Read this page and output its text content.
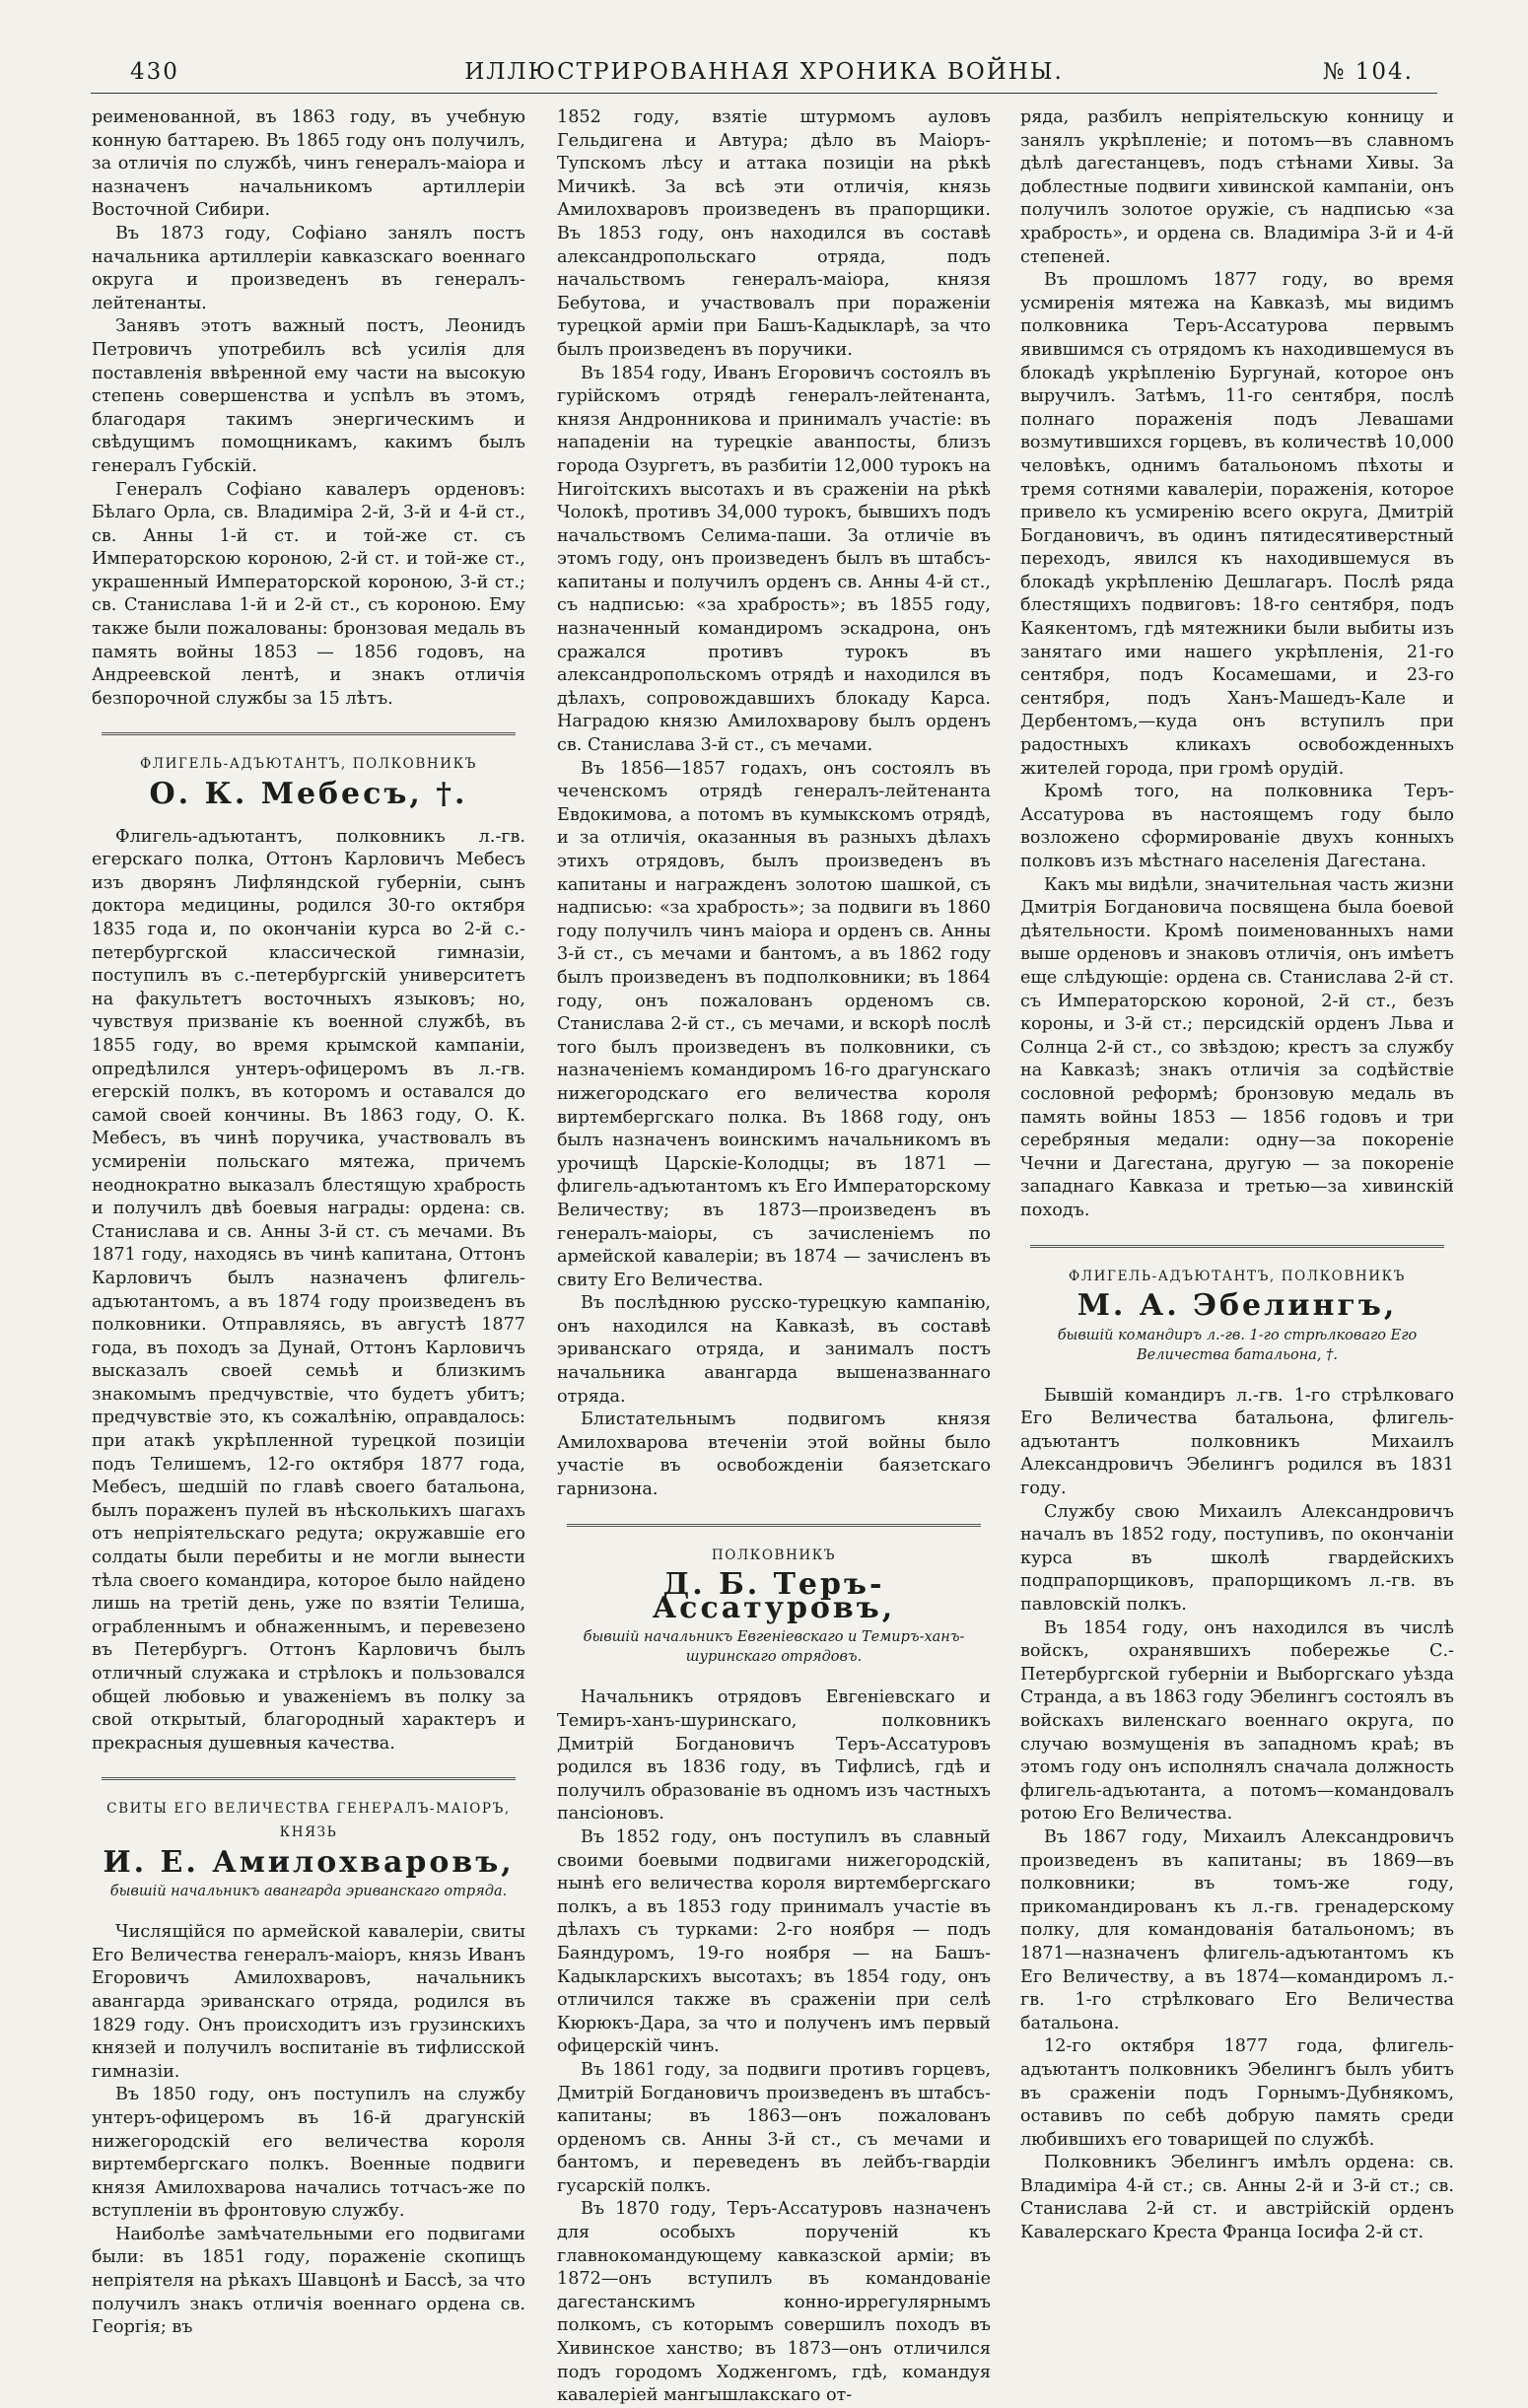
430	ИЛЛЮСТРИРОВАННАЯ ХРОНИКА ВОЙНЫ.	№ 104.

реименованной, въ 1863 году, въ учебную конную баттарею. Въ 1865 году онъ получилъ, за отличія по службѣ, чинъ генералъ-маіора и назначенъ начальникомъ артиллеріи Восточной Сибири.

Въ 1873 году, Софіано занялъ постъ начальника артиллеріи кавказскаго военнаго округа и произведенъ въ генералъ-лейтенанты.

Занявъ этотъ важный постъ, Леонидъ Петровичъ употребилъ всѣ усилія для поставленія ввѣренной ему части на высокую степень совершенства и успѣлъ въ этомъ, благодаря такимъ энергическимъ и свѣдущимъ помощникамъ, какимъ былъ генералъ Губскій.

Генералъ Софіано кавалеръ орденовъ: Бѣлаго Орла, св. Владиміра 2-й, 3-й и 4-й ст., св. Анны 1-й ст. и той-же ст. съ Императорскою короною, 2-й ст. и той-же ст., украшенный Императорской короною, 3-й ст.; св. Станислава 1-й и 2-й ст., съ короною. Ему также были пожалованы: бронзовая медаль въ память войны 1853 — 1856 годовъ, на Андреевской лентѣ, и знакъ отличія безпорочной службы за 15 лѣтъ.

ФЛИГЕЛЬ-АДЪЮТАНТЪ, ПОЛКОВНИКЪ
О. К. Мебесъ, †.

Флигель-адъютантъ, полковникъ л.-гв. егерскаго полка, Оттонъ Карловичъ Мебесъ изъ дворянъ Лифляндской губерніи, сынъ доктора медицины, родился 30-го октября 1835 года и, по окончаніи курса во 2-й с.-петербургской классической гимназіи, поступилъ въ с.-петербургскій университетъ на факультетъ восточныхъ языковъ; но, чувствуя призваніе къ военной службѣ, въ 1855 году, во время крымской кампаніи, опредѣлился унтеръ-офицеромъ въ л.-гв. егерскій полкъ, въ которомъ и оставался до самой своей кончины. Въ 1863 году, О. К. Мебесъ, въ чинѣ поручика, участвовалъ въ усмиреніи польскаго мятежа, причемъ неоднократно выказалъ блестящую храбрость и получилъ двѣ боевыя награды: ордена: св. Станислава и св. Анны 3-й ст. съ мечами. Въ 1871 году, находясь въ чинѣ капитана, Оттонъ Карловичъ былъ назначенъ флигель-адъютантомъ, а въ 1874 году произведенъ въ полковники. Отправляясь, въ августѣ 1877 года, въ походъ за Дунай, Оттонъ Карловичъ высказалъ своей семьѣ и близкимъ знакомымъ предчувствіе, что будетъ убитъ; предчувствіе это, къ сожалѣнію, оправдалось: при атакѣ укрѣпленной турецкой позиціи подъ Телишемъ, 12-го октября 1877 года, Мебесъ, шедшій по главѣ своего батальона, былъ пораженъ пулей въ нѣсколькихъ шагахъ отъ непріятельскаго редута; окружавшіе его солдаты были перебиты и не могли вынести тѣла своего командира, которое было найдено лишь на третій день, уже по взятіи Телиша, ограбленнымъ и обнаженнымъ, и перевезено въ Петербургъ. Оттонъ Карловичъ былъ отличный служака и стрѣлокъ и пользовался общей любовью и уваженіемъ въ полку за свой открытый, благородный характеръ и прекрасныя душевныя качества.

СВИТЫ ЕГО ВЕЛИЧЕСТВА ГЕНЕРАЛЪ-МАІОРЪ, КНЯЗЬ
И. Е. Амилохваровъ,
бывшій начальникъ авангарда эриванскаго отряда.

Числящійся по армейской кавалеріи, свиты Его Величества генералъ-маіоръ, князь Иванъ Егоровичъ Амилохваровъ, начальникъ авангарда эриванскаго отряда, родился въ 1829 году. Онъ происходитъ изъ грузинскихъ князей и получилъ воспитаніе въ тифлисской гимназіи.

Въ 1850 году, онъ поступилъ на службу унтеръ-офицеромъ въ 16-й драгунскій нижегородскій его величества короля виртембергскаго полкъ. Военные подвиги князя Амилохварова начались тотчасъ-же по вступленіи въ фронтовую службу.

Наиболѣе замѣчательными его подвигами были: въ 1851 году, пораженіе скопищъ непріятеля на рѣкахъ Шавцонѣ и Бассѣ, за что получилъ знакъ отличія военнаго ордена св. Георгія; въ

1852 году, взятіе штурмомъ ауловъ Гельдигена и Автура; дѣло въ Маіоръ-Тупскомъ лѣсу и аттака позиціи на рѣкѣ Мичикѣ. За всѣ эти отличія, князь Амилохваровъ произведенъ въ прапорщики. Въ 1853 году, онъ находился въ составѣ александропольскаго отряда, подъ начальствомъ генералъ-маіора, князя Бебутова, и участвовалъ при пораженіи турецкой арміи при Башъ-Кадыкларѣ, за что былъ произведенъ въ поручики.

Въ 1854 году, Иванъ Егоровичъ состоялъ въ гурійскомъ отрядѣ генералъ-лейтенанта, князя Андронникова и принималъ участіе: въ нападеніи на турецкіе аванпосты, близъ города Озургетъ, въ разбитіи 12,000 турокъ на Нигоітскихъ высотахъ и въ сраженіи на рѣкѣ Чолокѣ, противъ 34,000 турокъ, бывшихъ подъ начальствомъ Селима-паши. За отличіе въ этомъ году, онъ произведенъ былъ въ штабсъ-капитаны и получилъ орденъ св. Анны 4-й ст., съ надписью: «за храбрость»; въ 1855 году, назначенный командиромъ эскадрона, онъ сражался противъ турокъ въ александропольскомъ отрядѣ и находился въ дѣлахъ, сопровождавшихъ блокаду Карса. Наградою князю Амилохварову былъ орденъ св. Станислава 3-й ст., съ мечами.

Въ 1856—1857 годахъ, онъ состоялъ въ чеченскомъ отрядѣ генералъ-лейтенанта Евдокимова, а потомъ въ кумыкскомъ отрядѣ, и за отличія, оказанныя въ разныхъ дѣлахъ этихъ отрядовъ, былъ произведенъ въ капитаны и награжденъ золотою шашкой, съ надписью: «за храбрость»; за подвиги въ 1860 году получилъ чинъ маіора и орденъ св. Анны 3-й ст., съ мечами и бантомъ, а въ 1862 году былъ произведенъ въ подполковники; въ 1864 году, онъ пожалованъ орденомъ св. Станислава 2-й ст., съ мечами, и вскорѣ послѣ того былъ произведенъ въ полковники, съ назначеніемъ командиромъ 16-го драгунскаго нижегородскаго его величества короля виртембергскаго полка. Въ 1868 году, онъ былъ назначенъ воинскимъ начальникомъ въ урочищѣ Царскіе-Колодцы; въ 1871 — флигель-адъютантомъ къ Его Императорскому Величеству; въ 1873—произведенъ въ генералъ-маіоры, съ зачисленіемъ по армейской кавалеріи; въ 1874 — зачисленъ въ свиту Его Величества.

Въ послѣднюю русско-турецкую кампанію, онъ находился на Кавказѣ, въ составѣ эриванскаго отряда, и занималъ постъ начальника авангарда вышеназваннаго отряда.

Блистательнымъ подвигомъ князя Амилохварова втеченіи этой войны было участіе въ освобожденіи баязетскаго гарнизона.

ПОЛКОВНИКЪ
Д. Б. Теръ-Ассатуровъ,
бывшій начальникъ Евгеніевскаго и Темиръ-ханъ-шуринскаго отрядовъ.

Начальникъ отрядовъ Евгеніевскаго и Темиръ-ханъ-шуринскаго, полковникъ Дмитрій Богдановичъ Теръ-Ассатуровъ родился въ 1836 году, въ Тифлисѣ, гдѣ и получилъ образованіе въ одномъ изъ частныхъ пансіоновъ.

Въ 1852 году, онъ поступилъ въ славный своими боевыми подвигами нижегородскій, нынѣ его величества короля виртембергскаго полкъ, а въ 1853 году принималъ участіе въ дѣлахъ съ турками: 2-го ноября — подъ Баяндуромъ, 19-го ноября — на Башъ-Кадыкларскихъ высотахъ; въ 1854 году, онъ отличился также въ сраженіи при селѣ Кюрюкъ-Дара, за что и полученъ имъ первый офицерскій чинъ.

Въ 1861 году, за подвиги противъ горцевъ, Дмитрій Богдановичъ произведенъ въ штабсъ-капитаны; въ 1863—онъ пожалованъ орденомъ св. Анны 3-й ст., съ мечами и бантомъ, и переведенъ въ лейбъ-гвардіи гусарскій полкъ.

Въ 1870 году, Теръ-Ассатуровъ назначенъ для особыхъ порученій къ главнокомандующему кавказской арміи; въ 1872—онъ вступилъ въ командованіе дагестанскимъ конно-иррегулярнымъ полкомъ, съ которымъ совершилъ походъ въ Хивинское ханство; въ 1873—онъ отличился подъ городомъ Ходженгомъ, гдѣ, командуя кавалеріей мангышлакскаго от-

ряда, разбилъ непріятельскую конницу и занялъ укрѣпленіе; и потомъ—въ славномъ дѣлѣ дагестанцевъ, подъ стѣнами Хивы. За доблестные подвиги хивинской кампаніи, онъ получилъ золотое оружіе, съ надписью «за храбрость», и ордена св. Владиміра 3-й и 4-й степеней.

Въ прошломъ 1877 году, во время усмиренія мятежа на Кавказѣ, мы видимъ полковника Теръ-Ассатурова первымъ явившимся съ отрядомъ къ находившемуся въ блокадѣ укрѣпленію Бургунай, которое онъ выручилъ. Затѣмъ, 11-го сентября, послѣ полнаго пораженія подъ Левашами возмутившихся горцевъ, въ количествѣ 10,000 человѣкъ, однимъ батальономъ пѣхоты и тремя сотнями кавалеріи, пораженія, которое привело къ усмиренію всего округа, Дмитрій Богдановичъ, въ одинъ пятидесятиверстный переходъ, явился къ находившемуся въ блокадѣ укрѣпленію Дешлагаръ. Послѣ ряда блестящихъ подвиговъ: 18-го сентября, подъ Каякентомъ, гдѣ мятежники были выбиты изъ занятаго ими нашего укрѣпленія, 21-го сентября, подъ Косамешами, и 23-го сентября, подъ Ханъ-Машедъ-Кале и Дербентомъ,—куда онъ вступилъ при радостныхъ кликахъ освобожденныхъ жителей города, при громѣ орудій.

Кромѣ того, на полковника Теръ-Ассатурова въ настоящемъ году было возложено сформированіе двухъ конныхъ полковъ изъ мѣстнаго населенія Дагестана.

Какъ мы видѣли, значительная часть жизни Дмитрія Богдановича посвящена была боевой дѣятельности. Кромѣ поименованныхъ нами выше орденовъ и знаковъ отличія, онъ имѣетъ еще слѣдующіе: ордена св. Станислава 2-й ст. съ Императорскою короной, 2-й ст., безъ короны, и 3-й ст.; персидскій орденъ Льва и Солнца 2-й ст., со звѣздою; крестъ за службу на Кавказѣ; знакъ отличія за содѣйствіе сословной реформѣ; бронзовую медаль въ память войны 1853 — 1856 годовъ и три серебряныя медали: одну—за покореніе Чечни и Дагестана, другую — за покореніе западнаго Кавказа и третью—за хивинскій походъ.

ФЛИГЕЛЬ-АДЪЮТАНТЪ, ПОЛКОВНИКЪ
М. А. Эбелингъ,
бывшій командиръ л.-гв. 1-го стрѣлковаго Его Величества батальона, †.

Бывшій командиръ л.-гв. 1-го стрѣлковаго Его Величества батальона, флигель-адъютантъ полковникъ Михаилъ Александровичъ Эбелингъ родился въ 1831 году.

Службу свою Михаилъ Александровичъ началъ въ 1852 году, поступивъ, по окончаніи курса въ школѣ гвардейскихъ подпрапорщиковъ, прапорщикомъ л.-гв. въ павловскій полкъ.

Въ 1854 году, онъ находился въ числѣ войскъ, охранявшихъ побережье С.-Петербургской губерніи и Выборгскаго уѣзда Странда, а въ 1863 году Эбелингъ состоялъ въ войскахъ виленскаго военнаго округа, по случаю возмущенія въ западномъ краѣ; въ этомъ году онъ исполнялъ сначала должность флигель-адъютанта, а потомъ—командовалъ ротою Его Величества.

Въ 1867 году, Михаилъ Александровичъ произведенъ въ капитаны; въ 1869—въ полковники; въ томъ-же году, прикомандированъ къ л.-гв. гренадерскому полку, для командованія батальономъ; въ 1871—назначенъ флигель-адъютантомъ къ Его Величеству, а въ 1874—командиромъ л.-гв. 1-го стрѣлковаго Его Величества батальона.

12-го октября 1877 года, флигель-адъютантъ полковникъ Эбелингъ былъ убитъ въ сраженіи подъ Горнымъ-Дубнякомъ, оставивъ по себѣ добрую память среди любившихъ его товарищей по службѣ.

Полковникъ Эбелингъ имѣлъ ордена: св. Владиміра 4-й ст.; св. Анны 2-й и 3-й ст.; св. Станислава 2-й ст. и австрійскій орденъ Кавалерскаго Креста Франца Іосифа 2-й ст.
